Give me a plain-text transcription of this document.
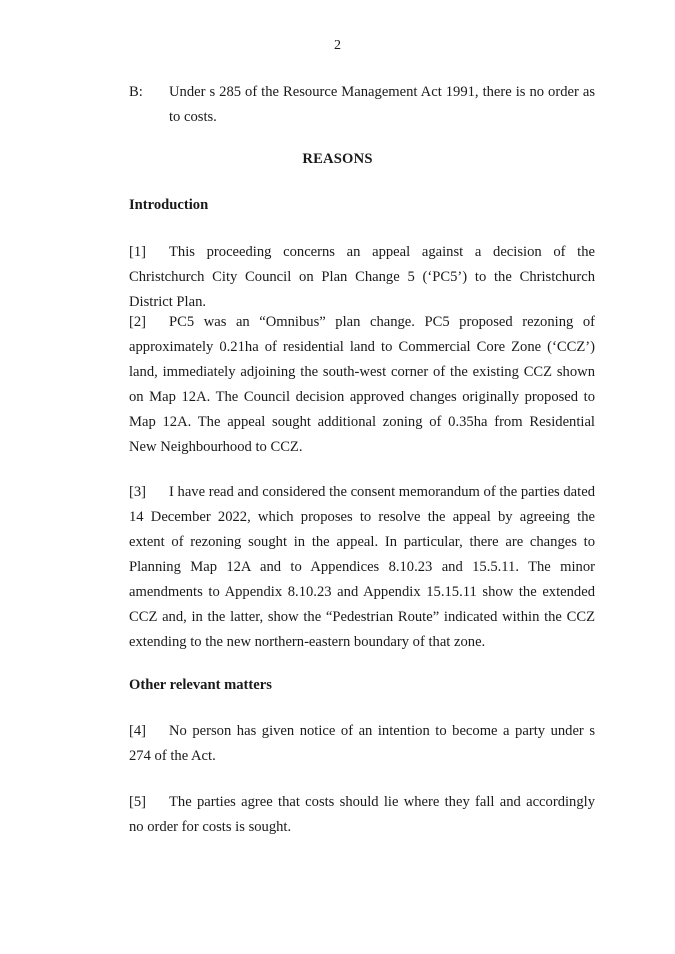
2
B: Under s 285 of the Resource Management Act 1991, there is no order as to costs.
REASONS
Introduction
[1] This proceeding concerns an appeal against a decision of the Christchurch City Council on Plan Change 5 (‘PC5’) to the Christchurch District Plan.
[2] PC5 was an “Omnibus” plan change. PC5 proposed rezoning of approximately 0.21ha of residential land to Commercial Core Zone (‘CCZ’) land, immediately adjoining the south-west corner of the existing CCZ shown on Map 12A. The Council decision approved changes originally proposed to Map 12A. The appeal sought additional zoning of 0.35ha from Residential New Neighbourhood to CCZ.
[3] I have read and considered the consent memorandum of the parties dated 14 December 2022, which proposes to resolve the appeal by agreeing the extent of rezoning sought in the appeal. In particular, there are changes to Planning Map 12A and to Appendices 8.10.23 and 15.5.11. The minor amendments to Appendix 8.10.23 and Appendix 15.15.11 show the extended CCZ and, in the latter, show the “Pedestrian Route” indicated within the CCZ extending to the new northern-eastern boundary of that zone.
Other relevant matters
[4] No person has given notice of an intention to become a party under s 274 of the Act.
[5] The parties agree that costs should lie where they fall and accordingly no order for costs is sought.
